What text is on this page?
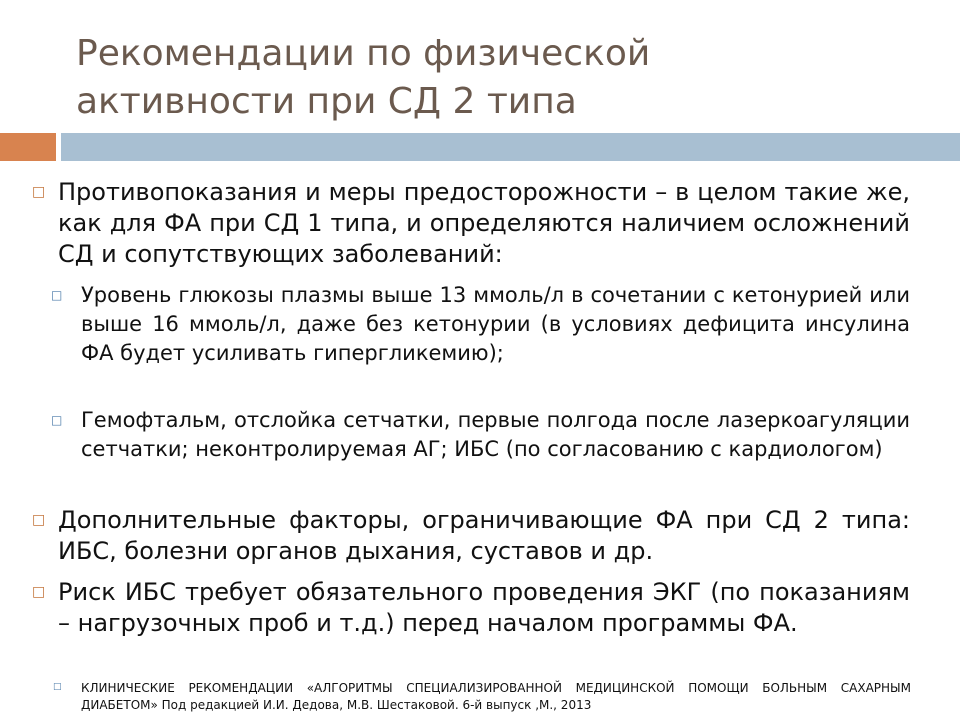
Рекомендации по физической
активности при СД 2 типа
□ Противопоказания и меры предосторожности – в целом такие же, как для ФА при СД 1 типа, и определяются наличием осложнений СД и сопутствующих заболеваний:
□ Уровень глюкозы плазмы выше 13 ммоль/л в сочетании с кетонурией или выше 16 ммоль/л, даже без кетонурии (в условиях дефицита инсулина ФА будет усиливать гипергликемию);
□ Гемофтальм, отслойка сетчатки, первые полгода после лазеркоагуляции сетчатки; неконтролируемая АГ; ИБС (по согласованию с кардиологом)
□ Дополнительные факторы, ограничивающие ФА при СД 2 типа: ИБС, болезни органов дыхания, суставов и др.
□ Риск ИБС требует обязательного проведения ЭКГ (по показаниям – нагрузочных проб и т.д.) перед началом программы ФА.
□ КЛИНИЧЕСКИЕ РЕКОМЕНДАЦИИ «АЛГОРИТМЫ СПЕЦИАЛИЗИРОВАННОЙ МЕДИЦИНСКОЙ ПОМОЩИ БОЛЬНЫМ САХАРНЫМ ДИАБЕТОМ» Под редакцией И.И. Дедова, М.В. Шестаковой. 6-й выпуск ,М., 2013
